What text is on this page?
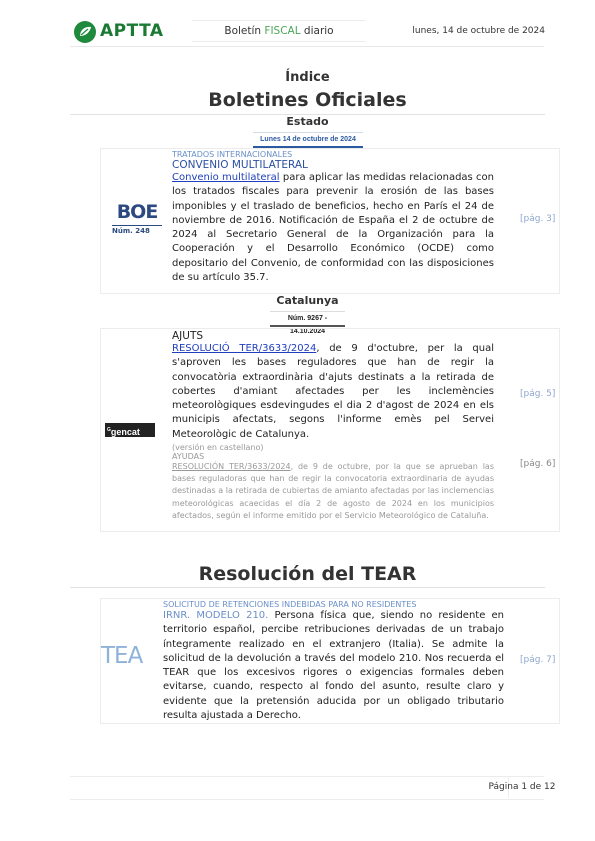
APTTA	Boletín FISCAL diario	lunes, 14 de octubre de 2024
Índice
Boletines Oficiales
Estado
Lunes 14 de octubre de 2024
BOE
Núm. 248
TRATADOS INTERNACIONALES
CONVENIO MULTILATERAL
Convenio multilateral para aplicar las medidas relacionadas con los tratados fiscales para prevenir la erosión de las bases imponibles y el traslado de beneficios, hecho en París el 24 de noviembre de 2016. Notificación de España el 2 de octubre de 2024 al Secretario General de la Organización para la Cooperación y el Desarrollo Económico (OCDE) como depositario del Convenio, de conformidad con las disposiciones de su artículo 35.7.
[pág. 3]
Catalunya
Núm. 9267 - 14.10.2024
$^G$gencat
AJUTS
RESOLUCIÓ TER/3633/2024, de 9 d'octubre, per la qual s'aproven les bases reguladores que han de regir la convocatòria extraordinària d'ajuts destinats a la retirada de cobertes d'amiant afectades per les inclemències meteorològiques esdevingudes el dia 2 d'agost de 2024 en els municipis afectats, segons l'informe emès pel Servei Meteorològic de Catalunya.
(versión en castellano)
AYUDAS
RESOLUCIÓN TER/3633/2024, de 9 de octubre, por la que se aprueban las bases reguladoras que han de regir la convocatoria extraordinaria de ayudas destinadas a la retirada de cubiertas de amianto afectadas por las inclemencias meteorológicas acaecidas el día 2 de agosto de 2024 en los municipios afectados, según el informe emitido por el Servicio Meteorológico de Cataluña.
[pág. 5]
[pág. 6]
Resolución del TEAR
TEA
SOLICITUD DE RETENCIONES INDEBIDAS PARA NO RESIDENTES
IRNR. MODELO 210. Persona física que, siendo no residente en territorio español, percibe retribuciones derivadas de un trabajo íntegramente realizado en el extranjero (Italia). Se admite la solicitud de la devolución a través del modelo 210. Nos recuerda el TEAR que los excesivos rigores o exigencias formales deben evitarse, cuando, respecto al fondo del asunto, resulte claro y evidente que la pretensión aducida por un obligado tributario resulta ajustada a Derecho.
[pág. 7]
Página 1 de 12
